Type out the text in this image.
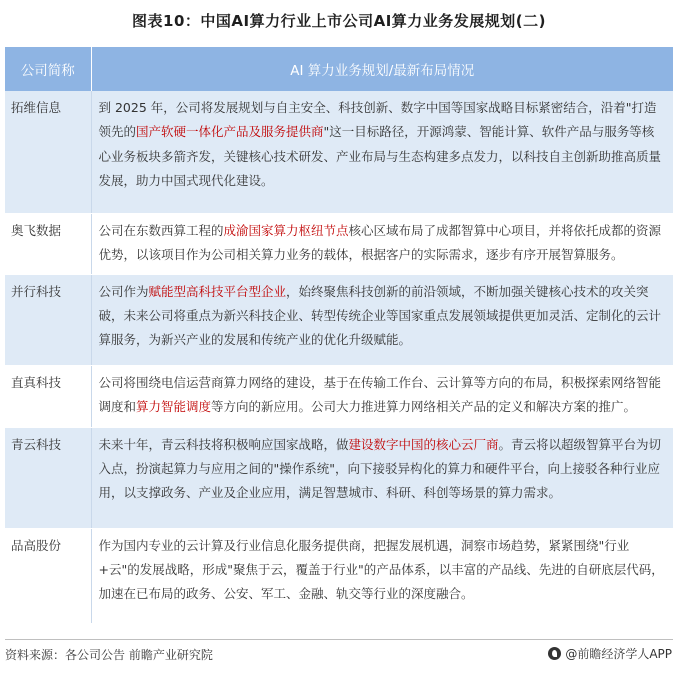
图表10：中国AI算力行业上市公司AI算力业务发展规划(二)
公司简称	AI 算力业务规划/最新布局情况
拓维信息	到 2025 年，公司将发展规划与自主安全、科技创新、数字中国等国家战略目标紧密结合，沿着"打造领先的国产软硬一体化产品及服务提供商"这一目标路径，开源鸿蒙、智能计算、软件产品与服务等核心业务板块多箭齐发，关键核心技术研发、产业布局与生态构建多点发力，以科技自主创新助推高质量发展，助力中国式现代化建设。
奥飞数据	公司在东数西算工程的成渝国家算力枢纽节点核心区域布局了成都智算中心项目，并将依托成都的资源优势，以该项目作为公司相关算力业务的载体，根据客户的实际需求，逐步有序开展智算服务。
并行科技	公司作为赋能型高科技平台型企业，始终聚焦科技创新的前沿领域，不断加强关键核心技术的攻关突破，未来公司将重点为新兴科技企业、转型传统企业等国家重点发展领域提供更加灵活、定制化的云计算服务，为新兴产业的发展和传统产业的优化升级赋能。
直真科技	公司将围绕电信运营商算力网络的建设，基于在传输工作台、云计算等方向的布局，积极探索网络智能调度和算力智能调度等方向的新应用。公司大力推进算力网络相关产品的定义和解决方案的推广。
青云科技	未来十年，青云科技将积极响应国家战略，做建设数字中国的核心云厂商。青云将以超级智算平台为切入点，扮演起算力与应用之间的"操作系统"，向下接驳异构化的算力和硬件平台，向上接驳各种行业应用，以支撑政务、产业及企业应用，满足智慧城市、科研、科创等场景的算力需求。
品高股份	作为国内专业的云计算及行业信息化服务提供商，把握发展机遇，洞察市场趋势，紧紧围绕"行业+云"的发展战略，形成"聚焦于云，覆盖于行业"的产品体系，以丰富的产品线、先进的自研底层代码，加速在已布局的政务、公安、军工、金融、轨交等行业的深度融合。
资料来源：各公司公告 前瞻产业研究院	@前瞻经济学人APP
